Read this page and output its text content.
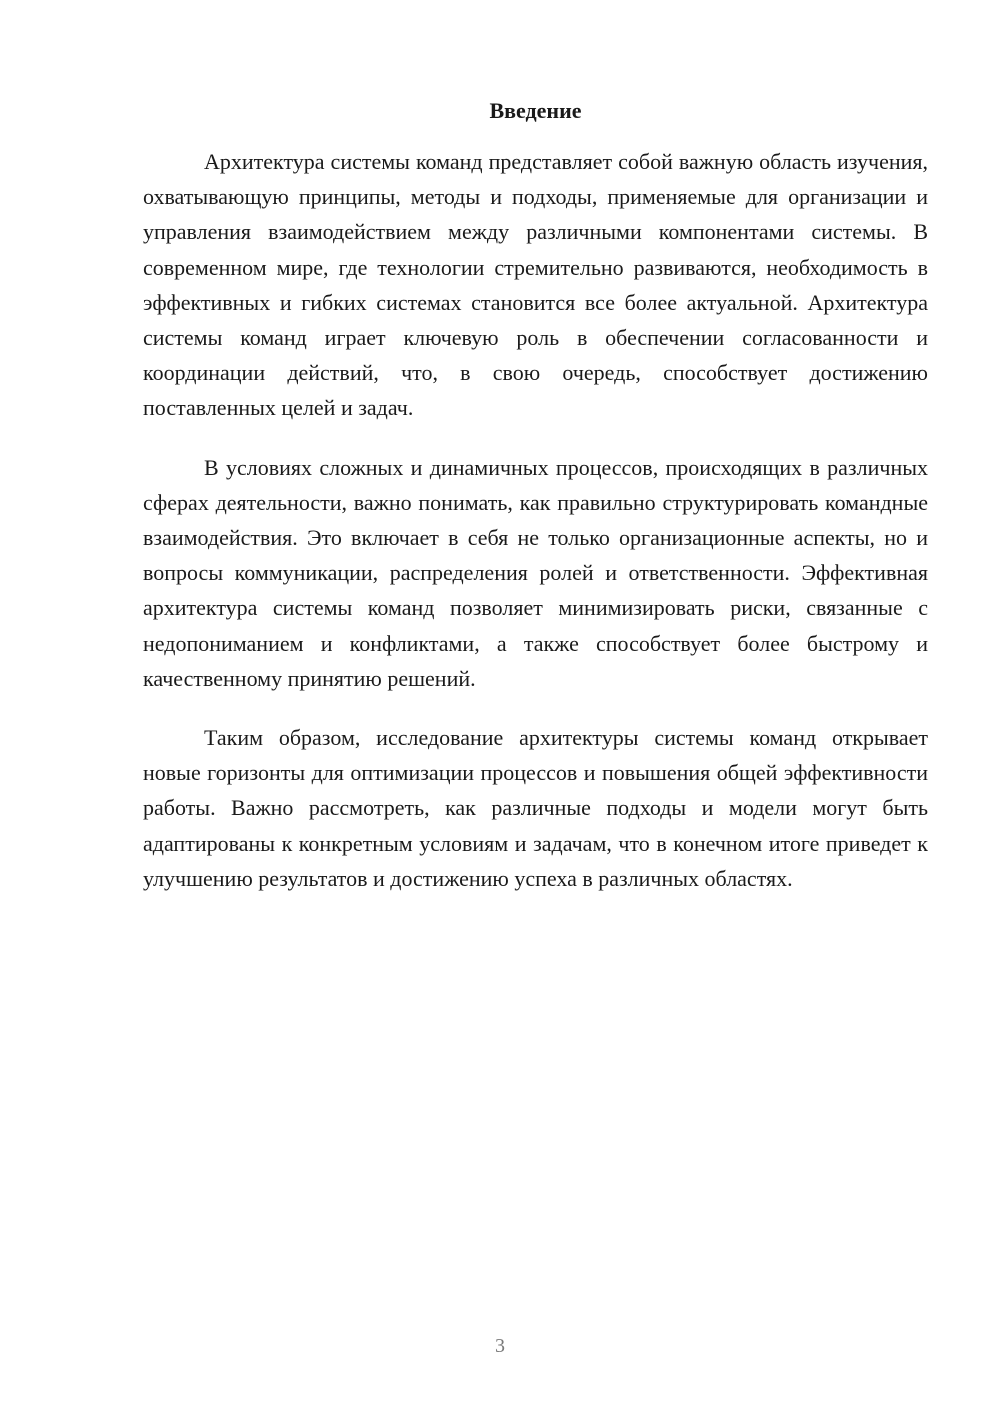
Введение

Архитектура системы команд представляет собой важную область изучения, охватывающую принципы, методы и подходы, применяемые для организации и управления взаимодействием между различными компонентами системы. В современном мире, где технологии стремительно развиваются, необходимость в эффективных и гибких системах становится все более актуальной. Архитектура системы команд играет ключевую роль в обеспечении согласованности и координации действий, что, в свою очередь, способствует достижению поставленных целей и задач.

В условиях сложных и динамичных процессов, происходящих в различных сферах деятельности, важно понимать, как правильно структурировать командные взаимодействия. Это включает в себя не только организационные аспекты, но и вопросы коммуникации, распределения ролей и ответственности. Эффективная архитектура системы команд позволяет минимизировать риски, связанные с недопониманием и конфликтами, а также способствует более быстрому и качественному принятию решений.

Таким образом, исследование архитектуры системы команд открывает новые горизонты для оптимизации процессов и повышения общей эффективности работы. Важно рассмотреть, как различные подходы и модели могут быть адаптированы к конкретным условиям и задачам, что в конечном итоге приведет к улучшению результатов и достижению успеха в различных областях.

3
